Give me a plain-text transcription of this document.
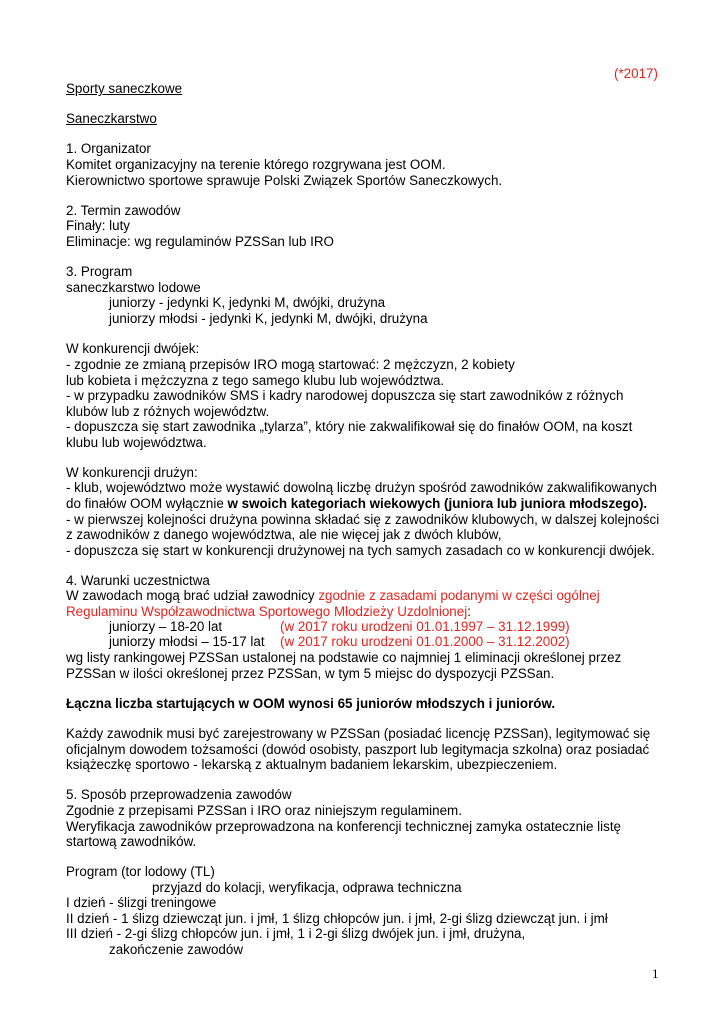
(*2017)
Sporty saneczkowe
Saneczkarstwo
1. Organizator
Komitet organizacyjny na terenie którego rozgrywana jest OOM.
Kierownictwo sportowe sprawuje Polski Związek Sportów Saneczkowych.
2. Termin zawodów
Finały: luty
Eliminacje: wg regulaminów PZSSan lub IRO
3. Program
saneczkarstwo lodowe
juniorzy - jedynki K, jedynki M, dwójki, drużyna
juniorzy młodsi - jedynki K, jedynki M, dwójki, drużyna
W konkurencji dwójek:
- zgodnie ze zmianą przepisów IRO mogą startować: 2 mężczyzn, 2 kobiety
lub kobieta i mężczyzna z tego samego klubu lub województwa.
- w przypadku zawodników SMS i kadry narodowej dopuszcza się start zawodników z różnych
klubów lub z różnych województw.
- dopuszcza się start zawodnika „tylarza”, który nie zakwalifikował się do finałów OOM, na koszt
klubu lub województwa.
W konkurencji drużyn:
- klub, województwo może wystawić dowolną liczbę drużyn spośród zawodników zakwalifikowanych
do finałów OOM wyłącznie w swoich kategoriach wiekowych (juniora lub juniora młodszego).
- w pierwszej kolejności drużyna powinna składać się z zawodników klubowych, w dalszej kolejności
z zawodników z danego województwa, ale nie więcej jak z dwóch klubów,
- dopuszcza się start w konkurencji drużynowej na tych samych zasadach co w konkurencji dwójek.
4. Warunki uczestnictwa
W zawodach mogą brać udział zawodnicy zgodnie z zasadami podanymi w części ogólnej
Regulaminu Współzawodnictwa Sportowego Młodzieży Uzdolnionej:
juniorzy – 18-20 lat	(w 2017 roku urodzeni 01.01.1997 – 31.12.1999)
juniorzy młodsi – 15-17 lat (w 2017 roku urodzeni 01.01.2000 – 31.12.2002)
wg listy rankingowej PZSSan ustalonej na podstawie co najmniej 1 eliminacji określonej przez
PZSSan w ilości określonej przez PZSSan, w tym 5 miejsc do dyspozycji PZSSan.
Łączna liczba startujących w OOM wynosi 65 juniorów młodszych i juniorów.
Każdy zawodnik musi być zarejestrowany w PZSSan (posiadać licencję PZSSan), legitymować się
oficjalnym dowodem tożsamości (dowód osobisty, paszport lub legitymacja szkolna) oraz posiadać
książeczkę sportowo - lekarską z aktualnym badaniem lekarskim, ubezpieczeniem.
5. Sposób przeprowadzenia zawodów
Zgodnie z przepisami PZSSan i IRO oraz niniejszym regulaminem.
Weryfikacja zawodników przeprowadzona na konferencji technicznej zamyka ostatecznie listę
startową zawodników.
Program (tor lodowy (TL)
przyjazd do kolacji, weryfikacja, odprawa techniczna
I dzień - ślizgi treningowe
II dzień - 1 ślizg dziewcząt jun. i jmł, 1 ślizg chłopców jun. i jmł, 2-gi ślizg dziewcząt jun. i jmł
III dzień - 2-gi ślizg chłopców jun. i jmł, 1 i 2-gi ślizg dwójek jun. i jmł, drużyna,
zakończenie zawodów
1
